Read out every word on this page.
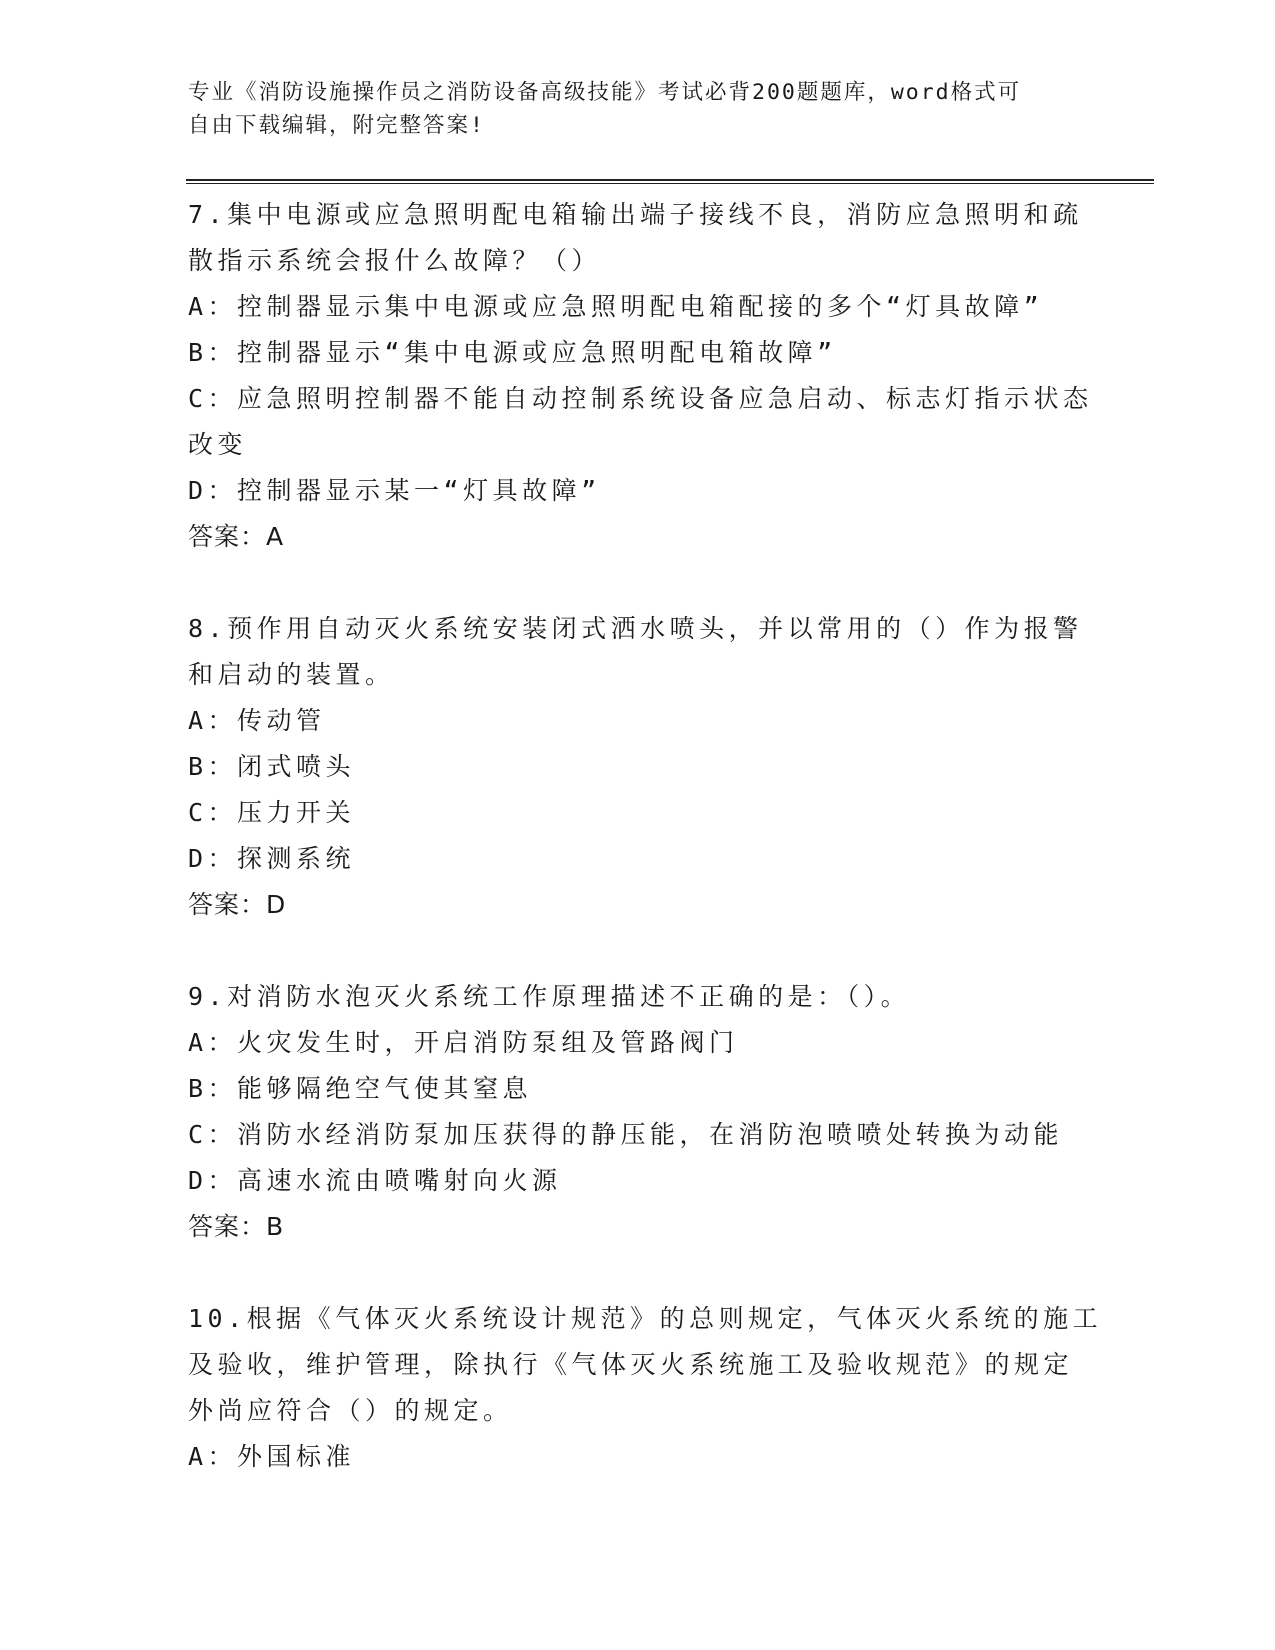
专业《消防设施操作员之消防设备高级技能》考试必背200题题库，word格式可
自由下载编辑，附完整答案!
7.集中电源或应急照明配电箱输出端子接线不良，消防应急照明和疏
散指示系统会报什么故障？（）
A：控制器显示集中电源或应急照明配电箱配接的多个“灯具故障”
B：控制器显示“集中电源或应急照明配电箱故障”
C：应急照明控制器不能自动控制系统设备应急启动、标志灯指示状态
改变
D：控制器显示某一“灯具故障”
答案：A
8.预作用自动灭火系统安装闭式洒水喷头，并以常用的（）作为报警
和启动的装置。
A：传动管
B：闭式喷头
C：压力开关
D：探测系统
答案：D
9.对消防水泡灭火系统工作原理描述不正确的是：（）。
A：火灾发生时，开启消防泵组及管路阀门
B：能够隔绝空气使其窒息
C：消防水经消防泵加压获得的静压能，在消防泡喷喷处转换为动能
D：高速水流由喷嘴射向火源
答案：B
10.根据《气体灭火系统设计规范》的总则规定，气体灭火系统的施工
及验收，维护管理，除执行《气体灭火系统施工及验收规范》的规定
外尚应符合（）的规定。
A：外国标准
